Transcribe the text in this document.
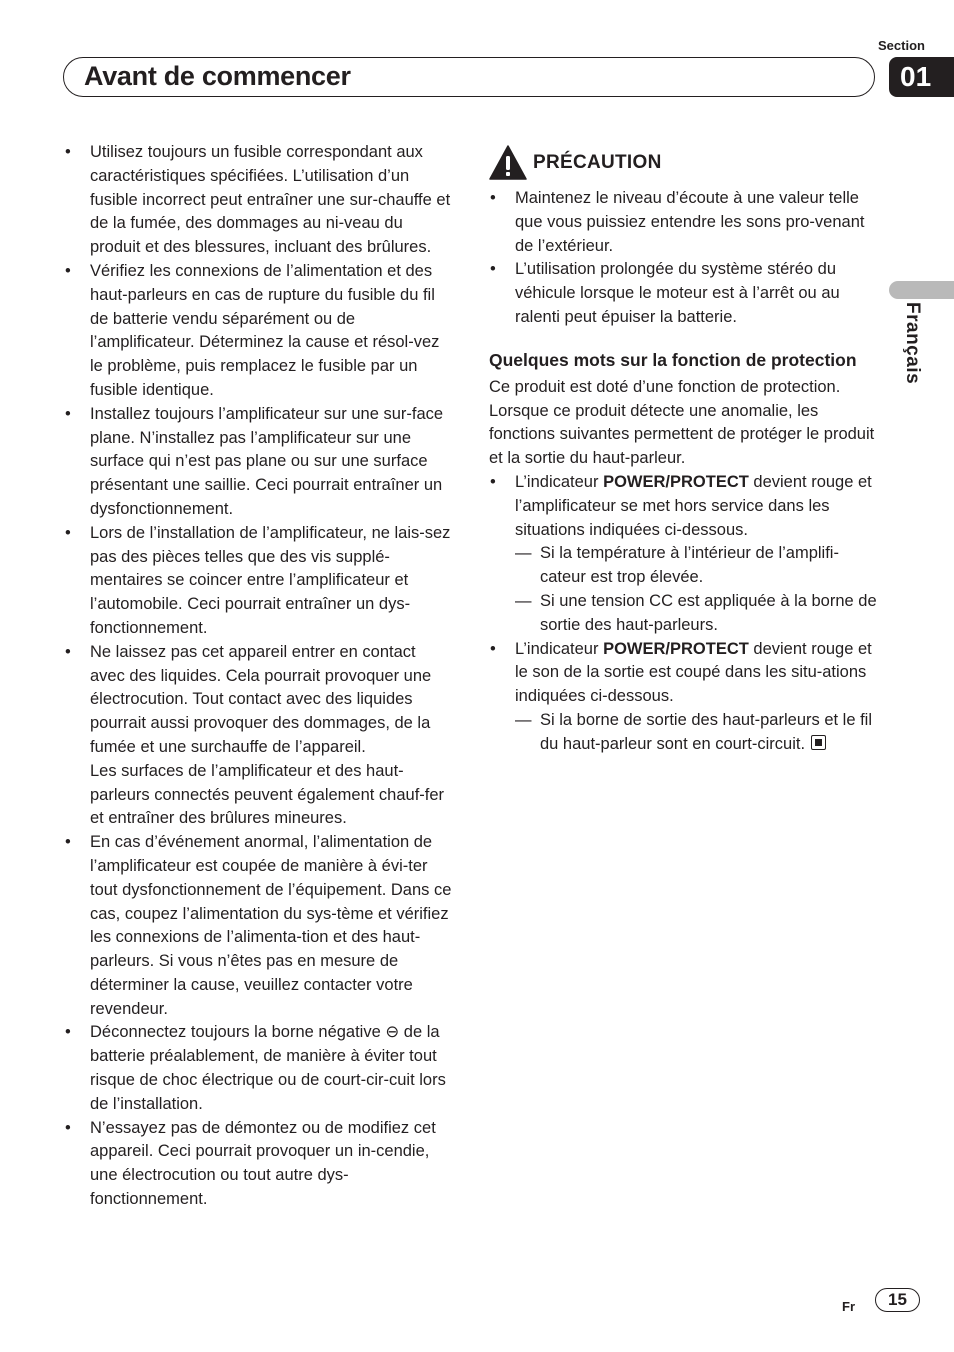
Section
01
Avant de commencer
Français
• Utilisez toujours un fusible correspondant aux caractéristiques spécifiées. L’utilisation d’un fusible incorrect peut entraîner une sur-chauffe et de la fumée, des dommages au ni-veau du produit et des blessures, incluant des brûlures.
• Vérifiez les connexions de l’alimentation et des haut-parleurs en cas de rupture du fusible du fil de batterie vendu séparément ou de l’amplificateur. Déterminez la cause et résol-vez le problème, puis remplacez le fusible par un fusible identique.
• Installez toujours l’amplificateur sur une sur-face plane. N’installez pas l’amplificateur sur une surface qui n’est pas plane ou sur une surface présentant une saillie. Ceci pourrait entraîner un dysfonctionnement.
• Lors de l’installation de l’amplificateur, ne lais-sez pas des pièces telles que des vis supplé-mentaires se coincer entre l’amplificateur et l’automobile. Ceci pourrait entraîner un dys-fonctionnement.
• Ne laissez pas cet appareil entrer en contact avec des liquides. Cela pourrait provoquer une électrocution. Tout contact avec des liquides pourrait aussi provoquer des dommages, de la fumée et une surchauffe de l’appareil.
Les surfaces de l’amplificateur et des haut-parleurs connectés peuvent également chauf-fer et entraîner des brûlures mineures.
• En cas d’événement anormal, l’alimentation de l’amplificateur est coupée de manière à évi-ter tout dysfonctionnement de l’équipement. Dans ce cas, coupez l’alimentation du sys-tème et vérifiez les connexions de l’alimenta-tion et des haut-parleurs. Si vous n’êtes pas en mesure de déterminer la cause, veuillez contacter votre revendeur.
• Déconnectez toujours la borne négative ⊖ de la batterie préalablement, de manière à éviter tout risque de choc électrique ou de court-cir-cuit lors de l’installation.
• N’essayez pas de démontez ou de modifiez cet appareil. Ceci pourrait provoquer un in-cendie, une électrocution ou tout autre dys-fonctionnement.
PRÉCAUTION
• Maintenez le niveau d’écoute à une valeur telle que vous puissiez entendre les sons pro-venant de l’extérieur.
• L’utilisation prolongée du système stéréo du véhicule lorsque le moteur est à l’arrêt ou au ralenti peut épuiser la batterie.
Quelques mots sur la fonction de protection
Ce produit est doté d’une fonction de protection. Lorsque ce produit détecte une anomalie, les fonctions suivantes permettent de protéger le produit et la sortie du haut-parleur.
• L’indicateur POWER/PROTECT devient rouge et l’amplificateur se met hors service dans les situations indiquées ci-dessous.
— Si la température à l’intérieur de l’amplifi-cateur est trop élevée.
— Si une tension CC est appliquée à la borne de sortie des haut-parleurs.
• L’indicateur POWER/PROTECT devient rouge et le son de la sortie est coupé dans les situ-ations indiquées ci-dessous.
— Si la borne de sortie des haut-parleurs et le fil du haut-parleur sont en court-circuit.
Fr	15
